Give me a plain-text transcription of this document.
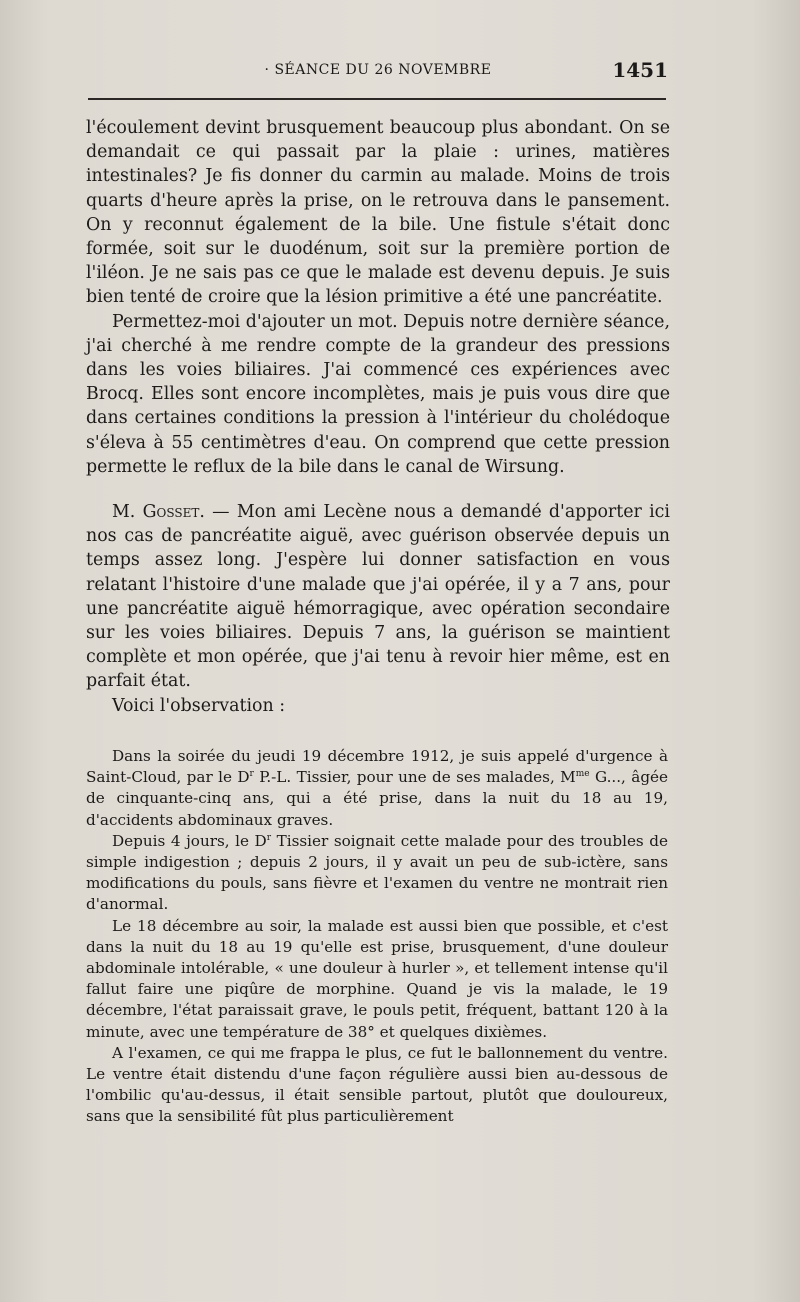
· SÉANCE DU 26 NOVEMBRE	1451

l'écoulement devint brusquement beaucoup plus abondant. On se demandait ce qui passait par la plaie : urines, matières intestinales? Je fis donner du carmin au malade. Moins de trois quarts d'heure après la prise, on le retrouva dans le pansement. On y reconnut également de la bile. Une fistule s'était donc formée, soit sur le duodénum, soit sur la première portion de l'iléon. Je ne sais pas ce que le malade est devenu depuis. Je suis bien tenté de croire que la lésion primitive a été une pancréatite.

Permettez-moi d'ajouter un mot. Depuis notre dernière séance, j'ai cherché à me rendre compte de la grandeur des pressions dans les voies biliaires. J'ai commencé ces expériences avec Brocq. Elles sont encore incomplètes, mais je puis vous dire que dans certaines conditions la pression à l'intérieur du cholédoque s'éleva à 55 centimètres d'eau. On comprend que cette pression permette le reflux de la bile dans le canal de Wirsung.

M. Gosset. — Mon ami Lecène nous a demandé d'apporter ici nos cas de pancréatite aiguë, avec guérison observée depuis un temps assez long. J'espère lui donner satisfaction en vous relatant l'histoire d'une malade que j'ai opérée, il y a 7 ans, pour une pancréatite aiguë hémorragique, avec opération secondaire sur les voies biliaires. Depuis 7 ans, la guérison se maintient complète et mon opérée, que j'ai tenu à revoir hier même, est en parfait état.

Voici l'observation :

Dans la soirée du jeudi 19 décembre 1912, je suis appelé d'urgence à Saint-Cloud, par le $D^r$ P.-L. Tissier, pour une de ses malades, $M^{me}$ G..., âgée de cinquante-cinq ans, qui a été prise, dans la nuit du 18 au 19, d'accidents abdominaux graves.

Depuis 4 jours, le $D^r$ Tissier soignait cette malade pour des troubles de simple indigestion ; depuis 2 jours, il y avait un peu de sub-ictère, sans modifications du pouls, sans fièvre et l'examen du ventre ne montrait rien d'anormal.

Le 18 décembre au soir, la malade est aussi bien que possible, et c'est dans la nuit du 18 au 19 qu'elle est prise, brusquement, d'une douleur abdominale intolérable, « une douleur à hurler », et tellement intense qu'il fallut faire une piqûre de morphine. Quand je vis la malade, le 19 décembre, l'état paraissait grave, le pouls petit, fréquent, battant 120 à la minute, avec une température de 38° et quelques dixièmes.

A l'examen, ce qui me frappa le plus, ce fut le ballonnement du ventre. Le ventre était distendu d'une façon régulière aussi bien au-dessous de l'ombilic qu'au-dessus, il était sensible partout, plutôt que douloureux, sans que la sensibilité fût plus particulièrement
